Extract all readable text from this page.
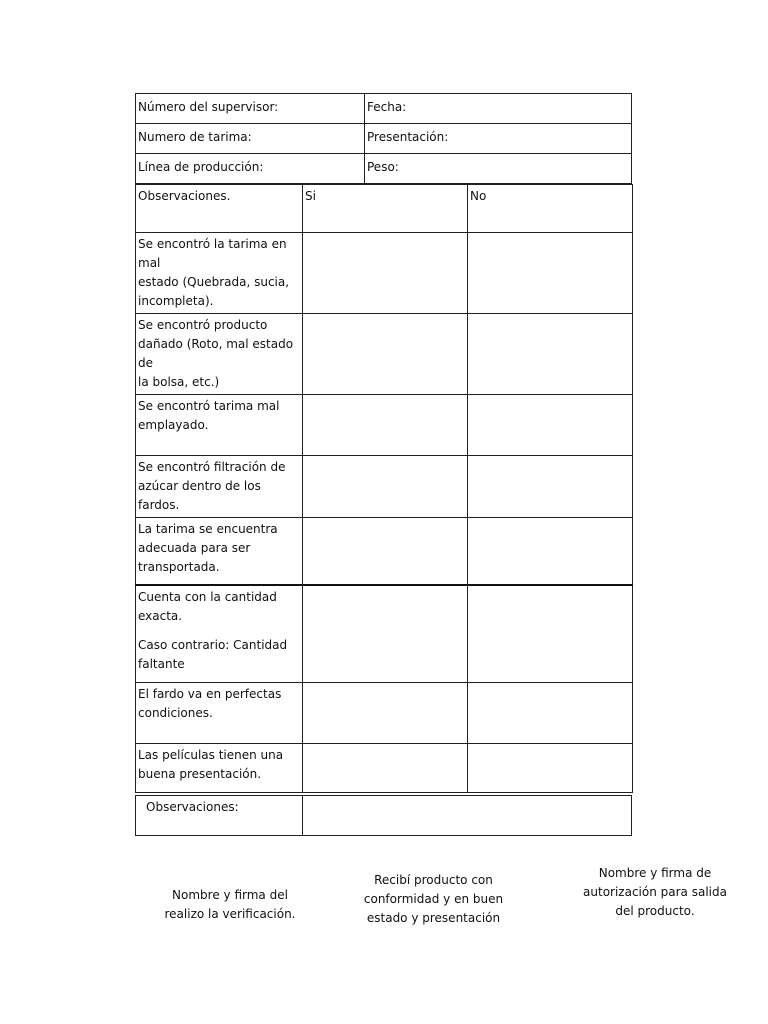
Número del supervisor:	Fecha:
Numero de tarima:	Presentación:
Línea de producción:	Peso:
Observaciones.	Si	No

Se encontró la tarima en mal
estado (Quebrada, sucia,
incompleta).		

Se encontró producto
dañado (Roto, mal estado de
la bolsa, etc.)		

Se encontró tarima mal
emplayado.		

Se encontró filtración de
azúcar dentro de los fardos.		

La tarima se encuentra
adecuada para ser
transportada.		

Cuenta con la cantidad
exacta.
Caso contrario: Cantidad
faltante		

El fardo va en perfectas
condiciones.		

Las películas tienen una
buena presentación.		

Observaciones:	
Nombre y firma del
realizo la verificación.
Recibí producto con
conformidad y en buen
estado y presentación
Nombre y firma de
autorización para salida
del producto.
